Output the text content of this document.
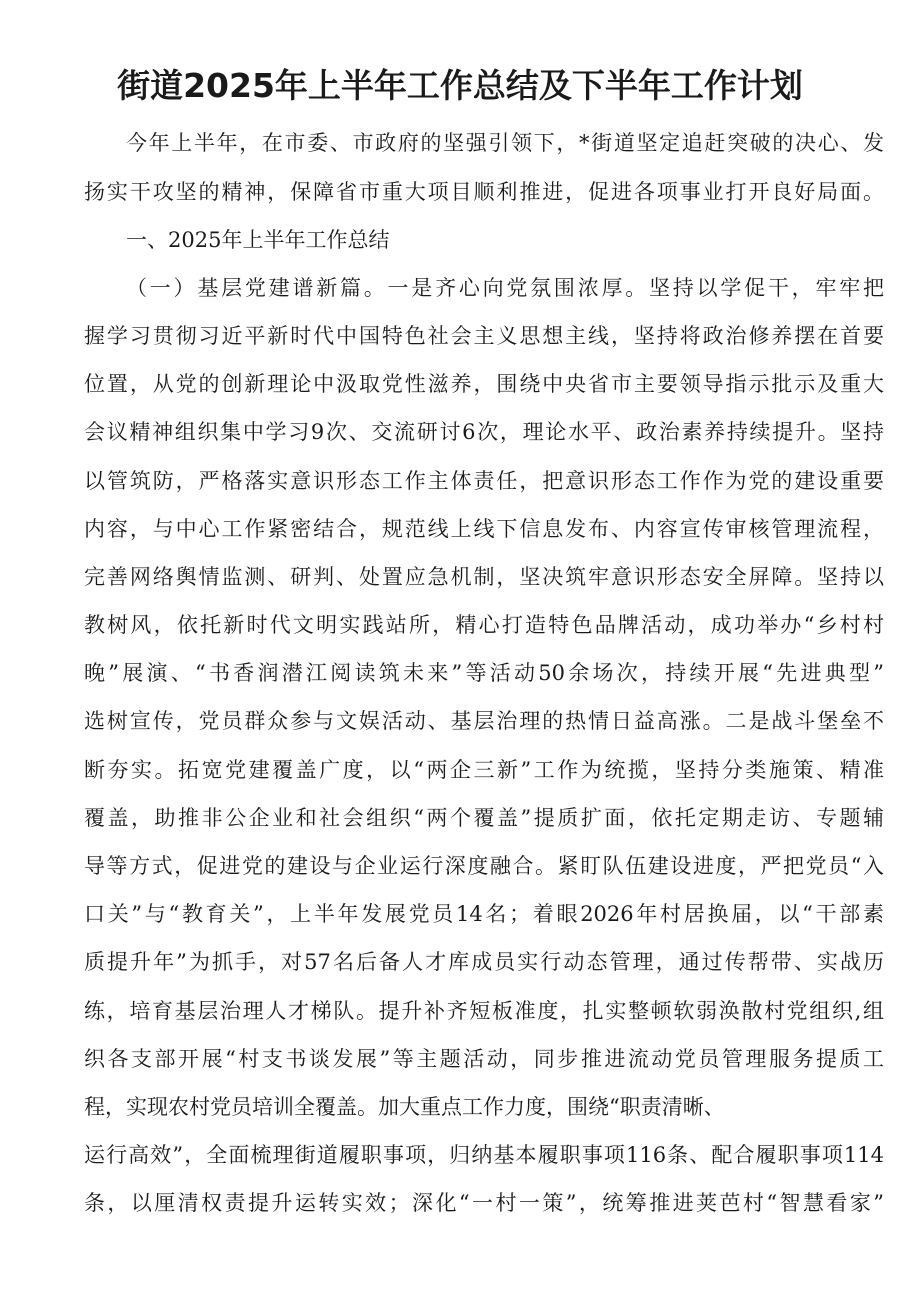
街道2025年上半年工作总结及下半年工作计划

今年上半年，在市委、市政府的坚强引领下，*街道坚定追赶突破的决心、发

扬实干攻坚的精神，保障省市重大项目顺利推进，促进各项事业打开良好局面。

一、2025年上半年工作总结

（一）基层党建谱新篇。一是齐心向党氛围浓厚。坚持以学促干，牢牢把

握学习贯彻习近平新时代中国特色社会主义思想主线，坚持将政治修养摆在首要

位置，从党的创新理论中汲取党性滋养，围绕中央省市主要领导指示批示及重大

会议精神组织集中学习9次、交流研讨6次，理论水平、政治素养持续提升。坚持

以管筑防，严格落实意识形态工作主体责任，把意识形态工作作为党的建设重要

内容，与中心工作紧密结合，规范线上线下信息发布、内容宣传审核管理流程，

完善网络舆情监测、研判、处置应急机制，坚决筑牢意识形态安全屏障。坚持以

教树风，依托新时代文明实践站所，精心打造特色品牌活动，成功举办“乡村村

晚”展演、“书香润潜江阅读筑未来”等活动50余场次，持续开展“先进典型”

选树宣传，党员群众参与文娱活动、基层治理的热情日益高涨。二是战斗堡垒不

断夯实。拓宽党建覆盖广度，以“两企三新”工作为统揽，坚持分类施策、精准

覆盖，助推非公企业和社会组织“两个覆盖”提质扩面，依托定期走访、专题辅

导等方式，促进党的建设与企业运行深度融合。紧盯队伍建设进度，严把党员“入

口关”与“教育关”，上半年发展党员14名；着眼2026年村居换届，以“干部素

质提升年”为抓手，对57名后备人才库成员实行动态管理，通过传帮带、实战历

练，培育基层治理人才梯队。提升补齐短板准度，扎实整顿软弱涣散村党组织,组

织各支部开展“村支书谈发展”等主题活动，同步推进流动党员管理服务提质工

程，实现农村党员培训全覆盖。加大重点工作力度，围绕“职责清晰、

运行高效”，全面梳理街道履职事项，归纳基本履职事项116条、配合履职事项114

条，以厘清权责提升运转实效；深化“一村一策”，统筹推进荚芭村“智慧看家”
